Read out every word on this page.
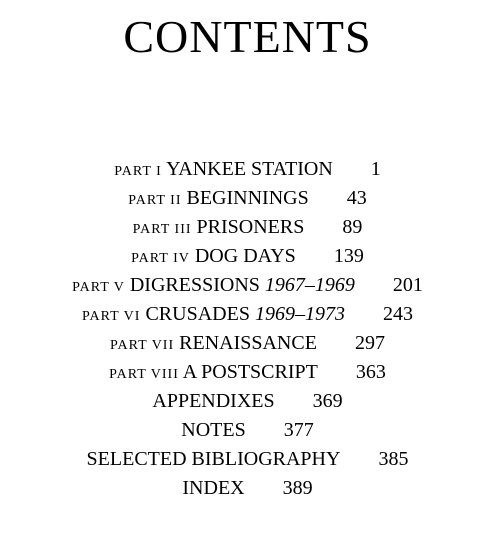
CONTENTS
PART I YANKEE STATION 1
PART II BEGINNINGS 43
PART III PRISONERS 89
PART IV DOG DAYS 139
PART V DIGRESSIONS 1967–1969 201
PART VI CRUSADES 1969–1973 243
PART VII RENAISSANCE 297
PART VIII A POSTSCRIPT 363
APPENDIXES 369
NOTES 377
SELECTED BIBLIOGRAPHY 385
INDEX 389
